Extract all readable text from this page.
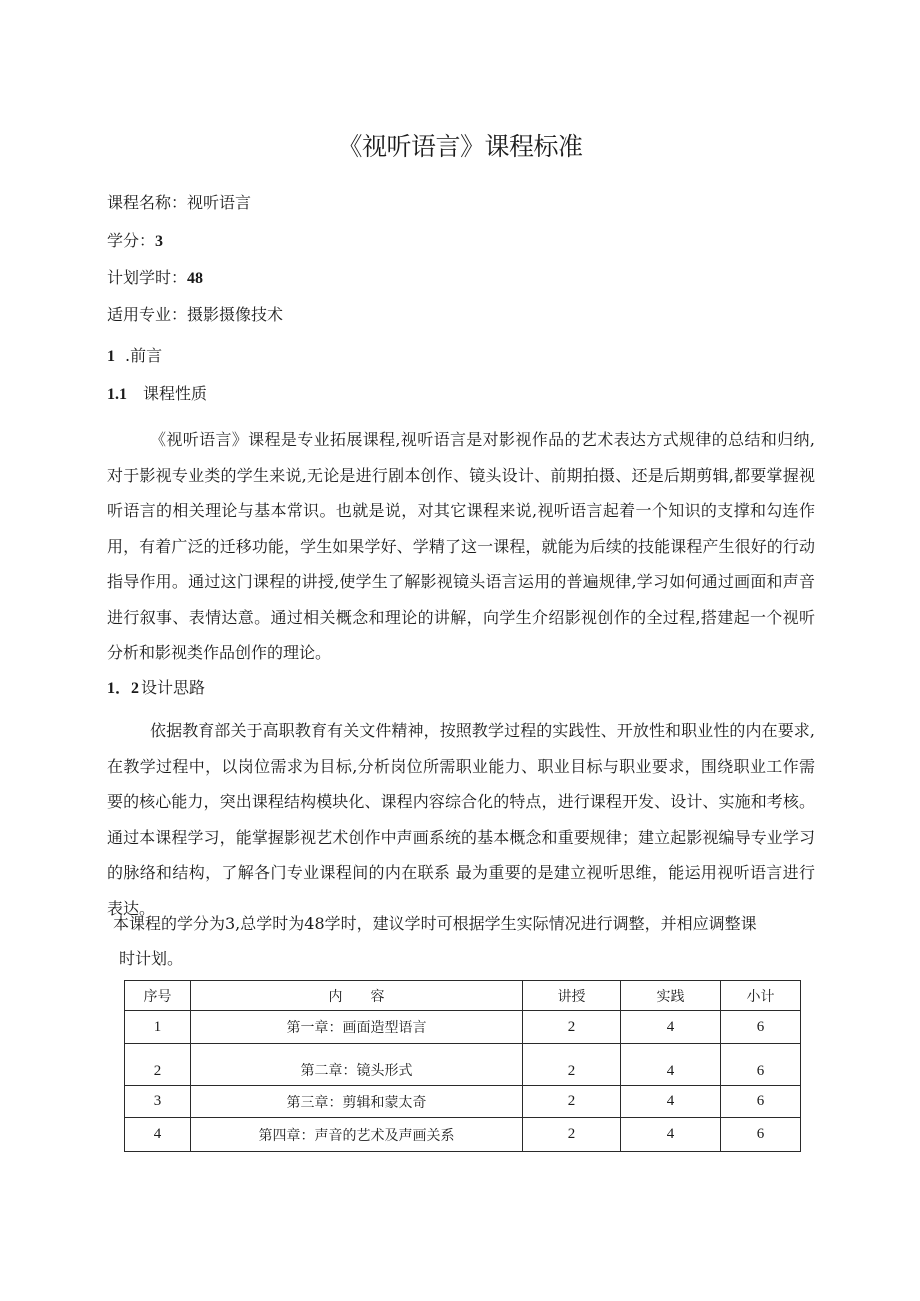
《视听语言》课程标准
课程名称：视听语言
学分：3
计划学时：48
适用专业：摄影摄像技术
1 .前言
1.1 课程性质

《视听语言》课程是专业拓展课程,视听语言是对影视作品的艺术表达方式规律的总结和归纳,对于影视专业类的学生来说,无论是进行剧本创作、镜头设计、前期拍摄、还是后期剪辑,都要掌握视听语言的相关理论与基本常识。也就是说，对其它课程来说,视听语言起着一个知识的支撑和勾连作用，有着广泛的迁移功能，学生如果学好、学精了这一课程，就能为后续的技能课程产生很好的行动指导作用。通过这门课程的讲授,使学生了解影视镜头语言运用的普遍规律,学习如何通过画面和声音进行叙事、表情达意。通过相关概念和理论的讲解，向学生介绍影视创作的全过程,搭建起一个视听分析和影视类作品创作的理论。

1．2 设计思路

依据教育部关于高职教育有关文件精神，按照教学过程的实践性、开放性和职业性的内在要求,在教学过程中，以岗位需求为目标,分析岗位所需职业能力、职业目标与职业要求，围绕职业工作需要的核心能力，突出课程结构模块化、课程内容综合化的特点，进行课程开发、设计、实施和考核。通过本课程学习，能掌握影视艺术创作中声画系统的基本概念和重要规律；建立起影视编导专业学习的脉络和结构，了解各门专业课程间的内在联系 最为重要的是建立视听思维，能运用视听语言进行表达。

本课程的学分为3,总学时为48学时，建议学时可根据学生实际情况进行调整，并相应调整课
时计划。
序号	内　　容	讲授	实践	小计
1	第一章：画面造型语言	2	4	6
2	第二章：镜头形式	2	4	6
3	第三章：剪辑和蒙太奇	2	4	6
4	第四章：声音的艺术及声画关系	2	4	6
